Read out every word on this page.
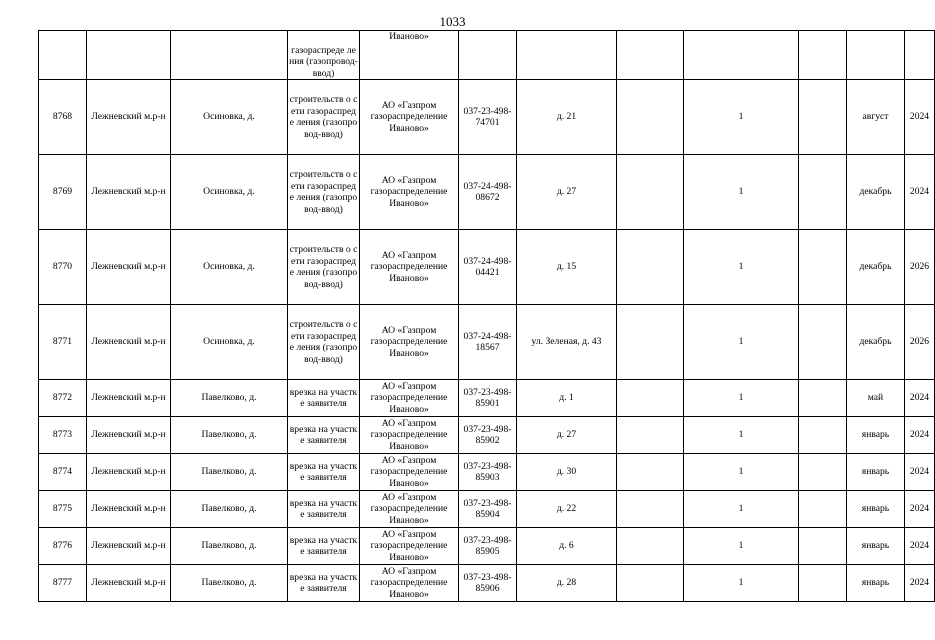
1033
			газораспреде ления (газопровод-ввод)	Иваново»							
8768	Лежневский м.р-н	Осиновка, д.	строительств о сети газораспреде ления (газопровод-ввод)	АО «Газпром газораспределение Иваново»	037-23-498-74701	д. 21		1		август	2024
8769	Лежневский м.р-н	Осиновка, д.	строительств о сети газораспреде ления (газопровод-ввод)	АО «Газпром газораспределение Иваново»	037-24-498-08672	д. 27		1		декабрь	2024
8770	Лежневский м.р-н	Осиновка, д.	строительств о сети газораспреде ления (газопровод-ввод)	АО «Газпром газораспределение Иваново»	037-24-498-04421	д. 15		1		декабрь	2026
8771	Лежневский м.р-н	Осиновка, д.	строительств о сети газораспреде ления (газопровод-ввод)	АО «Газпром газораспределение Иваново»	037-24-498-18567	ул. Зеленая, д. 43		1		декабрь	2026
8772	Лежневский м.р-н	Павелково, д.	врезка на участке заявителя	АО «Газпром газораспределение Иваново»	037-23-498-85901	д. 1		1		май	2024
8773	Лежневский м.р-н	Павелково, д.	врезка на участке заявителя	АО «Газпром газораспределение Иваново»	037-23-498-85902	д. 27		1		январь	2024
8774	Лежневский м.р-н	Павелково, д.	врезка на участке заявителя	АО «Газпром газораспределение Иваново»	037-23-498-85903	д. 30		1		январь	2024
8775	Лежневский м.р-н	Павелково, д.	врезка на участке заявителя	АО «Газпром газораспределение Иваново»	037-23-498-85904	д. 22		1		январь	2024
8776	Лежневский м.р-н	Павелково, д.	врезка на участке заявителя	АО «Газпром газораспределение Иваново»	037-23-498-85905	д. 6		1		январь	2024
8777	Лежневский м.р-н	Павелково, д.	врезка на участке заявителя	АО «Газпром газораспределение Иваново»	037-23-498-85906	д. 28		1		январь	2024
